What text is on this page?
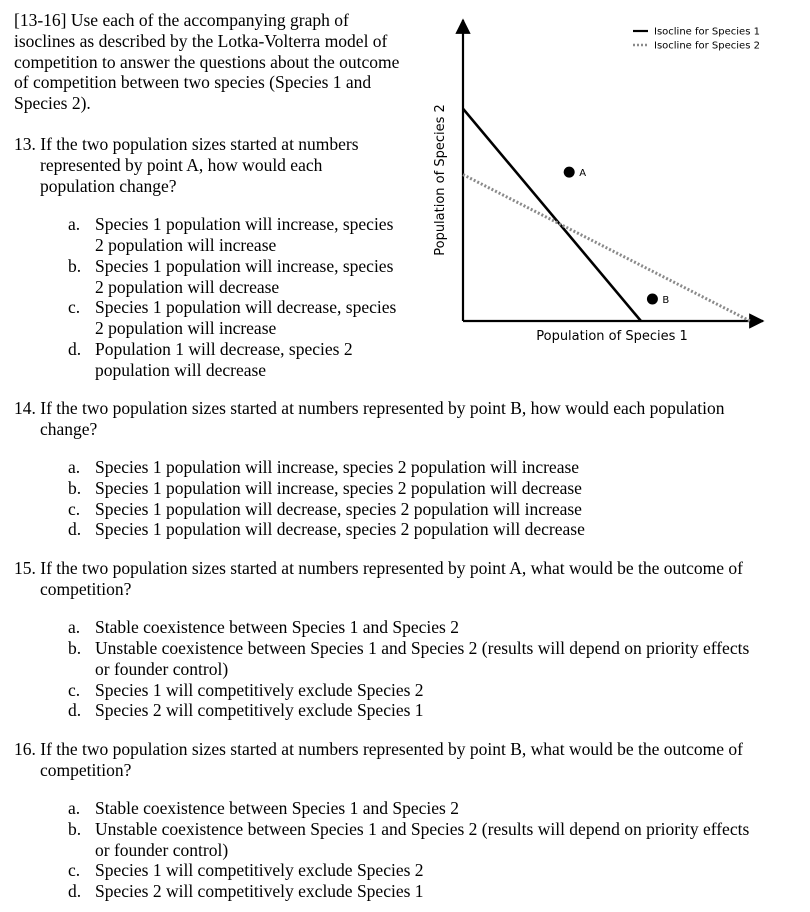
[13-16] Use each of the accompanying graph of
isoclines as described by the Lotka-Volterra model of
competition to answer the questions about the outcome
of competition between two species (Species 1 and
Species 2).
Population of Species 1
Population of Species 2	A
B
Isocline for Species 1
Isocline for Species 2
13. If the two population sizes started at numbers
represented by point A, how would each
population change?
a. Species 1 population will increase, species
2 population will increase
b. Species 1 population will increase, species
2 population will decrease
c. Species 1 population will decrease, species
2 population will increase
d. Population 1 will decrease, species 2
population will decrease
14. If the two population sizes started at numbers represented by point B, how would each population
change?
a. Species 1 population will increase, species 2 population will increase
b. Species 1 population will increase, species 2 population will decrease
c. Species 1 population will decrease, species 2 population will increase
d. Species 1 population will decrease, species 2 population will decrease
15. If the two population sizes started at numbers represented by point A, what would be the outcome of
competition?
a. Stable coexistence between Species 1 and Species 2
b. Unstable coexistence between Species 1 and Species 2 (results will depend on priority effects
or founder control)
c. Species 1 will competitively exclude Species 2
d. Species 2 will competitively exclude Species 1
16. If the two population sizes started at numbers represented by point B, what would be the outcome of
competition?
a. Stable coexistence between Species 1 and Species 2
b. Unstable coexistence between Species 1 and Species 2 (results will depend on priority effects
or founder control)
c. Species 1 will competitively exclude Species 2
d. Species 2 will competitively exclude Species 1
